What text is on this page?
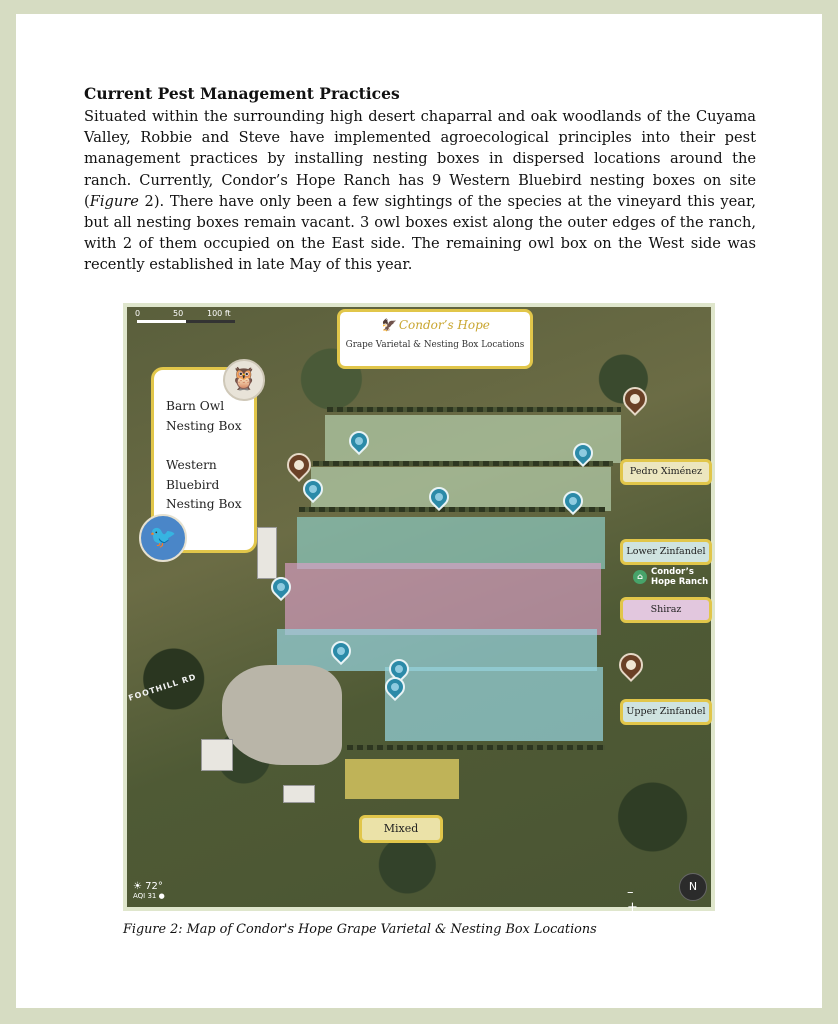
Current Pest Management Practices

Situated within the surrounding high desert chaparral and oak woodlands of the Cuyama Valley, Robbie and Steve have implemented agroecological principles into their pest management practices by installing nesting boxes in dispersed locations around the ranch. Currently, Condor’s Hope Ranch has 9 Western Bluebird nesting boxes on site (Figure 2). There have only been a few sightings of the species at the vineyard this year, but all nesting boxes remain vacant. 3 owl boxes exist along the outer edges of the ranch, with 2 of them occupied on the East side. The remaining owl box on the West side was recently established in late May of this year.

0	50	100 ft
FOOTHILL RD
🦅 Condor’s Hope
Grape Varietal & Nesting Box Locations
Barn Owl Nesting Box
Western Bluebird Nesting Box
🦉
🐦
Pedro Ximénez
Lower Zinfandel
Shiraz
Upper Zinfandel
Mixed
⌂ Condor’s Hope Ranch
☀ 72°
AQI 31 ●	– +
N
Figure 2: Map of Condor's Hope Grape Varietal & Nesting Box Locations
